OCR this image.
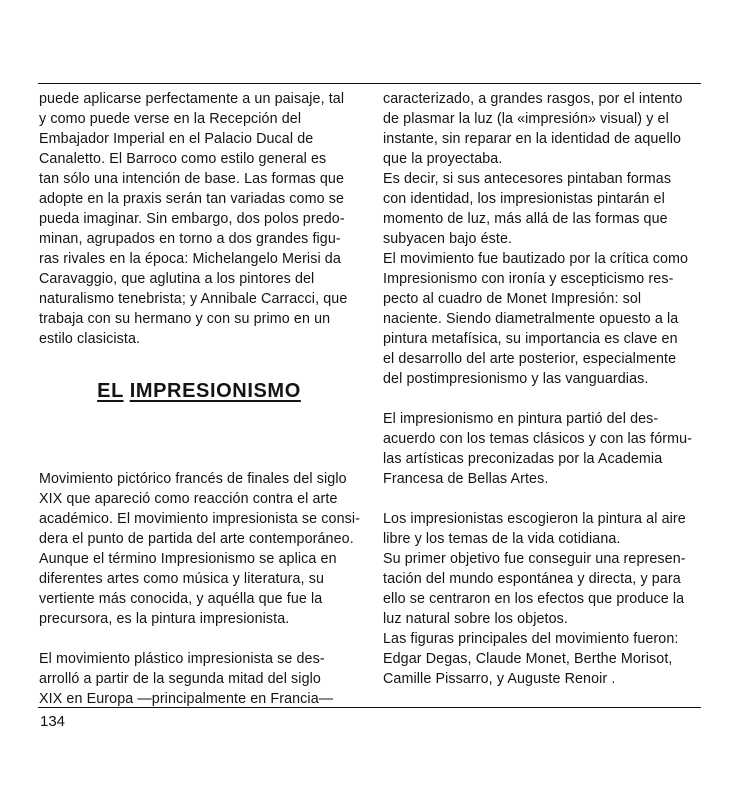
puede aplicarse perfectamente a un paisaje, tal
y como puede verse en la Recepción del
Embajador Imperial en el Palacio Ducal de
Canaletto. El Barroco como estilo general es
tan sólo una intención de base. Las formas que
adopte en la praxis serán tan variadas como se
pueda imaginar. Sin embargo, dos polos predo-
minan, agrupados en torno a dos grandes figu-
ras rivales en la época: Michelangelo Merisi da
Caravaggio, que aglutina a los pintores del
naturalismo tenebrista; y Annibale Carracci, que
trabaja con su hermano y con su primo en un
estilo clasicista.
Movimiento pictórico francés de finales del siglo
XIX que apareció como reacción contra el arte
académico. El movimiento impresionista se consi-
dera el punto de partida del arte contemporáneo.
Aunque el término Impresionismo se aplica en
diferentes artes como música y literatura, su
vertiente más conocida, y aquélla que fue la
precursora, es la pintura impresionista.
El movimiento plástico impresionista se des-
arrolló a partir de la segunda mitad del siglo
XIX en Europa —principalmente en Francia—
EL IMPRESIONISMO
caracterizado, a grandes rasgos, por el intento
de plasmar la luz (la «impresión» visual) y el
instante, sin reparar en la identidad de aquello
que la proyectaba.
Es decir, si sus antecesores pintaban formas
con identidad, los impresionistas pintarán el
momento de luz, más allá de las formas que
subyacen bajo éste.
El movimiento fue bautizado por la crítica como
Impresionismo con ironía y escepticismo res-
pecto al cuadro de Monet Impresión: sol
naciente. Siendo diametralmente opuesto a la
pintura metafísica, su importancia es clave en
el desarrollo del arte posterior, especialmente
del postimpresionismo y las vanguardias.
El impresionismo en pintura partió del des-
acuerdo con los temas clásicos y con las fórmu-
las artísticas preconizadas por la Academia
Francesa de Bellas Artes.
Los impresionistas escogieron la pintura al aire
libre y los temas de la vida cotidiana.
Su primer objetivo fue conseguir una represen-
tación del mundo espontánea y directa, y para
ello se centraron en los efectos que produce la
luz natural sobre los objetos.
Las figuras principales del movimiento fueron:
Edgar Degas, Claude Monet, Berthe Morisot,
Camille Pissarro, y Auguste Renoir .
134
